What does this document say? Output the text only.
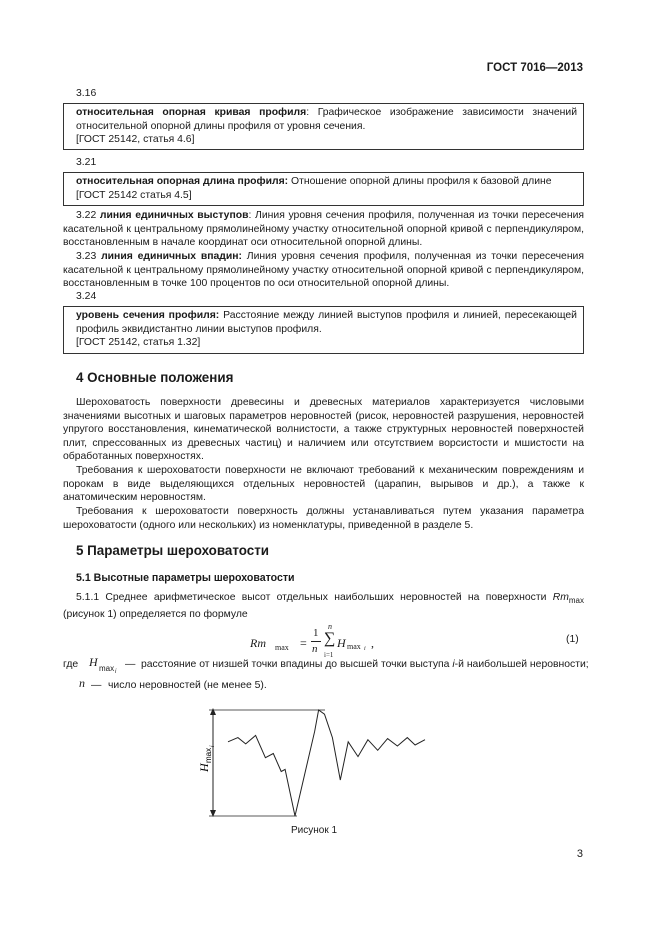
ГОСТ 7016—2013
3.16

относительная опорная кривая профиля: Графическое изображение зависимости значений относительной опорной длины профиля от уровня сечения.

[ГОСТ 25142, статья 4.6]

3.21

относительная опорная длина профиля: Отношение опорной длины профиля к базовой длине

[ГОСТ 25142 статья 4.5]

3.22 линия единичных выступов: Линия уровня сечения профиля, полученная из точки пересечения касательной к центральному прямолинейному участку относительной опорной кривой с перпендикуляром, восстановленным в начале координат оси относительной опорной длины.
3.23 линия единичных впадин: Линия уровня сечения профиля, полученная из точки пересечения касательной к центральному прямолинейному участку относительной опорной кривой с перпендикуляром, восстановленным в точке 100 процентов по оси относительной опорной длины.
3.24

уровень сечения профиля: Расстояние между линией выступов профиля и линией, пересекающей профиль эквидистантно линии выступов профиля.

[ГОСТ 25142, статья 1.32]

4 Основные положения
Шероховатость поверхности древесины и древесных материалов характеризуется числовыми значениями высотных и шаговых параметров неровностей (рисок, неровностей разрушения, неровностей упругого восстановления, кинематической волнистости, а также структурных неровностей поверхностей плит, спрессованных из древесных частиц) и наличием или отсутствием ворсистости и мшистости на обработанных поверхностях.
Требования к шероховатости поверхности не включают требований к механическим повреждениям и порокам в виде выделяющихся отдельных неровностей (царапин, вырывов и др.), а также к анатомическим неровностям.
Требования к шероховатости поверхность должны устанавливаться путем указания параметра шероховатости (одного или нескольких) из номенклатуры, приведенной в разделе 5.
5 Параметры шероховатости
5.1 Высотные параметры шероховатости
5.1.1 Среднее арифметическое высот отдельных наибольших неровностей на поверхности $Rm_{max}$ (рисунок 1) определяется по формуле
Rm max =
1
n
n
∑
i=1
H max i ,	(1)
где H max i
— расстояние от низшей точки впадины до высшей точки выступа i-й наибольшей неровности;
n — число неровностей (не менее 5).
H
max
i
Рисунок 1
3
